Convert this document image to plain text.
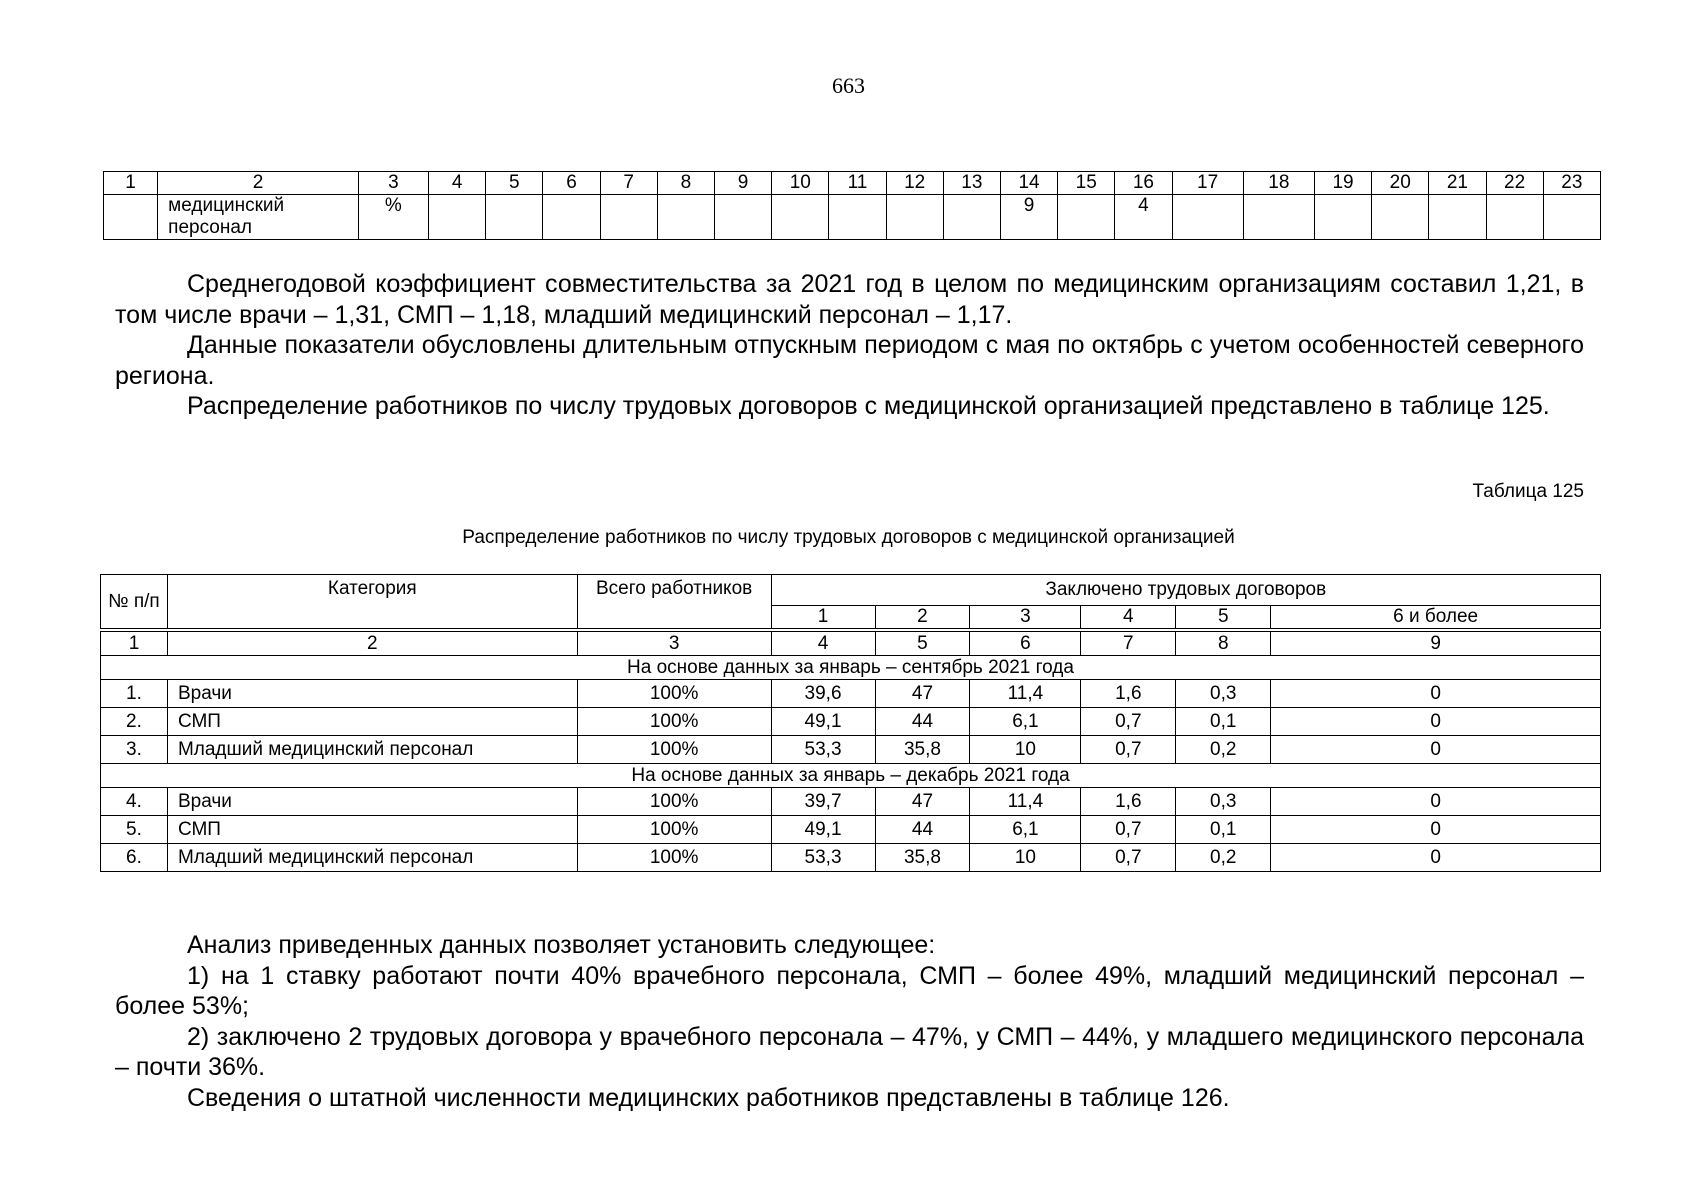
663
1	2	3	4	5	6	7	8	9	10	11	12	13	14	15	16	17	18	19	20	21	22	23
	медицинский персонал	%											9		4							

Среднегодовой коэффициент совместительства за 2021 год в целом по медицинским организациям составил 1,21, в том числе врачи – 1,31, СМП – 1,18, младший медицинский персонал – 1,17.

Данные показатели обусловлены длительным отпускным периодом с мая по октябрь с учетом особенностей северного региона.

Распределение работников по числу трудовых договоров с медицинской организацией представлено в таблице 125.

Таблица 125
Распределение работников по числу трудовых договоров с медицинской организацией
№ п/п	Категория	Всего работников	Заключено трудовых договоров					
			1	2	3	4	5	6 и более

1	2	3	4	5	6	7	8	9
На основе данных за январь – сентябрь 2021 года								
1.	Врачи	100%	39,6	47	11,4	1,6	0,3	0
2.	СМП	100%	49,1	44	6,1	0,7	0,1	0
3.	Младший медицинский персонал	100%	53,3	35,8	10	0,7	0,2	0
На основе данных за январь – декабрь 2021 года								
4.	Врачи	100%	39,7	47	11,4	1,6	0,3	0
5.	СМП	100%	49,1	44	6,1	0,7	0,1	0
6.	Младший медицинский персонал	100%	53,3	35,8	10	0,7	0,2	0

Анализ приведенных данных позволяет установить следующее:

1) на 1 ставку работают почти 40% врачебного персонала, СМП – более 49%, младший медицинский персонал – более 53%;

2) заключено 2 трудовых договора у врачебного персонала – 47%, у СМП – 44%, у младшего медицинского персонала – почти 36%.

Сведения о штатной численности медицинских работников представлены в таблице 126.
